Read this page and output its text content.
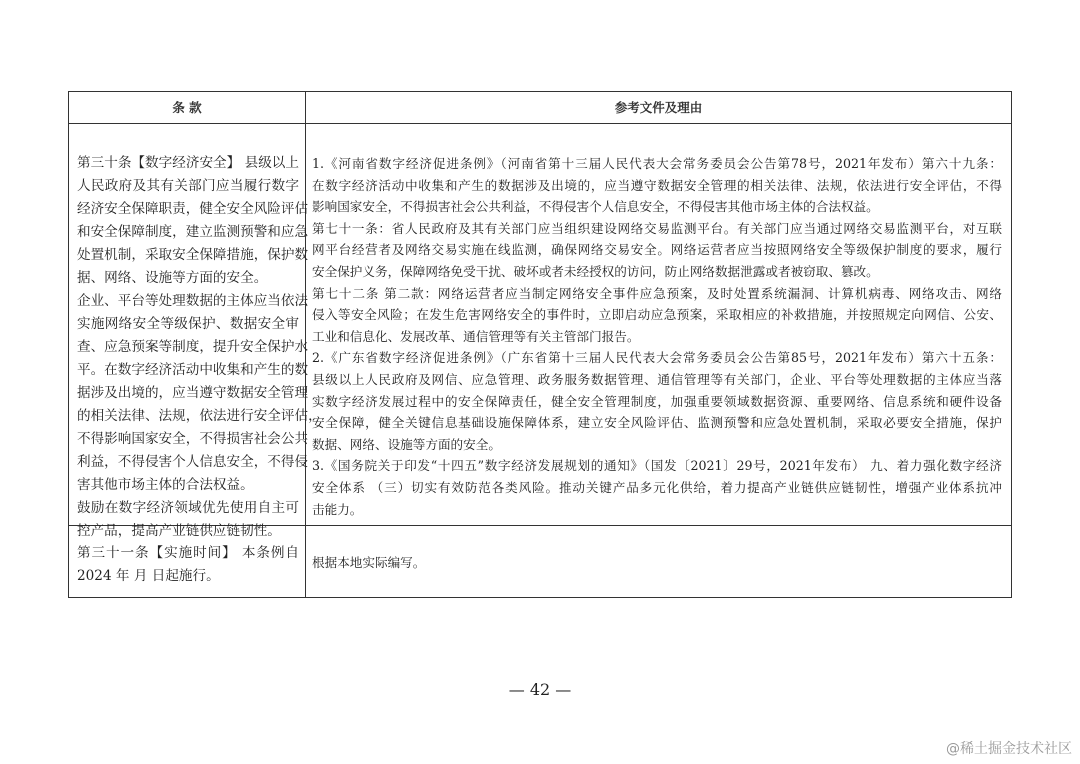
条 款	参考文件及理由
第三十条【数字经济安全】 县级以上
人民政府及其有关部门应当履行数字
经济安全保障职责，健全安全风险评估
和安全保障制度，建立监测预警和应急
处置机制，采取安全保障措施，保护数
据、网络、设施等方面的安全。
企业、平台等处理数据的主体应当依法
实施网络安全等级保护、数据安全审
查、应急预案等制度，提升安全保护水
平。在数字经济活动中收集和产生的数
据涉及出境的，应当遵守数据安全管理
的相关法律、法规，依法进行安全评估，
不得影响国家安全，不得损害社会公共
利益，不得侵害个人信息安全，不得侵
害其他市场主体的合法权益。
鼓励在数字经济领域优先使用自主可
控产品，提高产业链供应链韧性。
1.《河南省数字经济促进条例》（河南省第十三届人民代表大会常务委员会公告第78号，2021年发布）第六十九条：
在数字经济活动中收集和产生的数据涉及出境的，应当遵守数据安全管理的相关法律、法规，依法进行安全评估，不得
影响国家安全，不得损害社会公共利益，不得侵害个人信息安全，不得侵害其他市场主体的合法权益。
第七十一条：省人民政府及其有关部门应当组织建设网络交易监测平台。有关部门应当通过网络交易监测平台，对互联
网平台经营者及网络交易实施在线监测，确保网络交易安全。网络运营者应当按照网络安全等级保护制度的要求，履行
安全保护义务，保障网络免受干扰、破坏或者未经授权的访问，防止网络数据泄露或者被窃取、篡改。
第七十二条 第二款：网络运营者应当制定网络安全事件应急预案，及时处置系统漏洞、计算机病毒、网络攻击、网络
侵入等安全风险；在发生危害网络安全的事件时，立即启动应急预案，采取相应的补救措施，并按照规定向网信、公安、
工业和信息化、发展改革、通信管理等有关主管部门报告。
2.《广东省数字经济促进条例》（广东省第十三届人民代表大会常务委员会公告第85号，2021年发布）第六十五条：
县级以上人民政府及网信、应急管理、政务服务数据管理、通信管理等有关部门，企业、平台等处理数据的主体应当落
实数字经济发展过程中的安全保障责任，健全安全管理制度，加强重要领域数据资源、重要网络、信息系统和硬件设备
安全保障，健全关键信息基础设施保障体系，建立安全风险评估、监测预警和应急处置机制，采取必要安全措施，保护
数据、网络、设施等方面的安全。
3.《国务院关于印发“十四五”数字经济发展规划的通知》（国发〔2021〕29号，2021年发布） 九、着力强化数字经济
安全体系 （三）切实有效防范各类风险。推动关键产品多元化供给，着力提高产业链供应链韧性，增强产业体系抗冲
击能力。
第三十一条【实施时间】 本条例自
2024 年 月 日起施行。
根据本地实际编写。
— 42 —
@稀土掘金技术社区
